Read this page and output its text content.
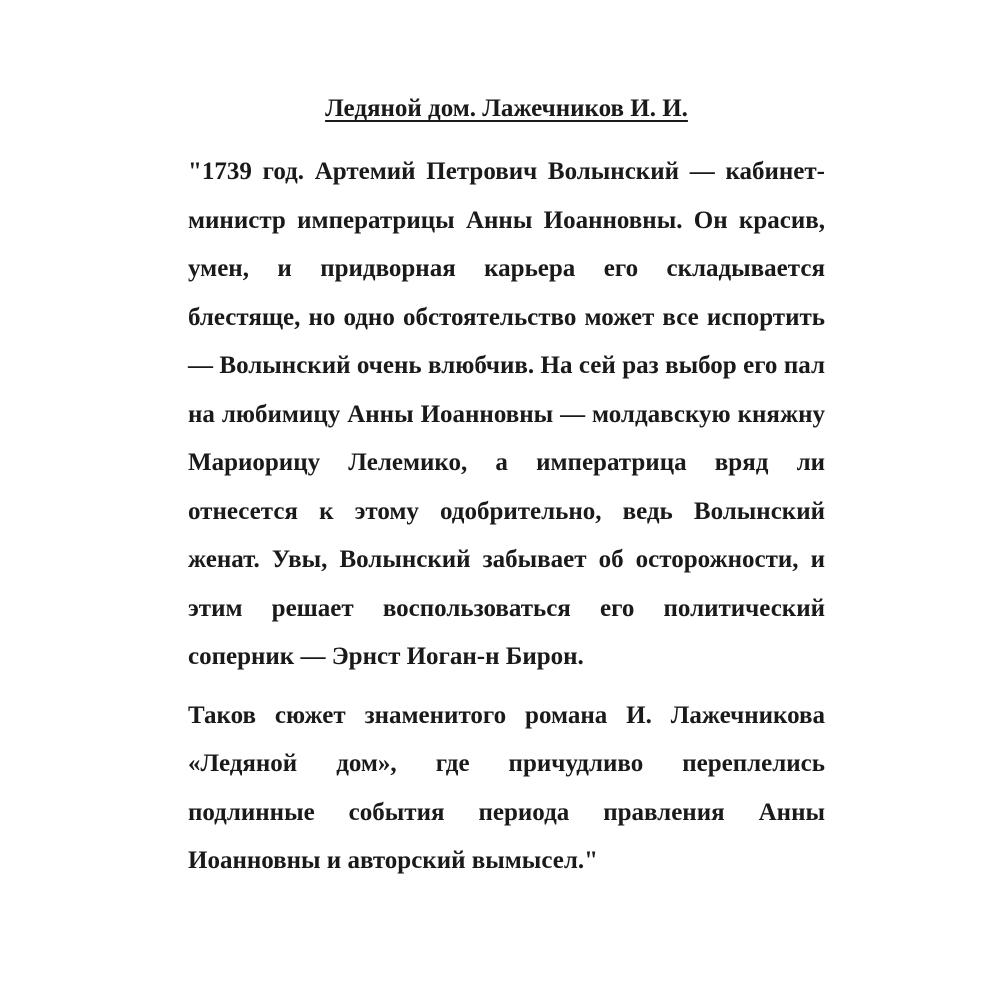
Ледяной дом. Лажечников И. И.

"1739 год. Артемий Петрович Волынский — кабинет-министр императрицы Анны Иоанновны. Он красив, умен, и придворная карьера его складывается блестяще, но одно обстоятельство может все испортить — Волынский очень влюбчив. На сей раз выбор его пал на любимицу Анны Иоанновны — молдавскую княжну Мариорицу Лелемико, а императрица вряд ли отнесется к этому одобрительно, ведь Волынский женат. Увы, Волынский забывает об осторожности, и этим решает воспользоваться его политический соперник — Эрнст Иоган-н Бирон.

Таков сюжет знаменитого романа И. Лажечникова «Ледяной дом», где причудливо переплелись подлинные события периода правления Анны Иоанновны и авторский вымысел."
